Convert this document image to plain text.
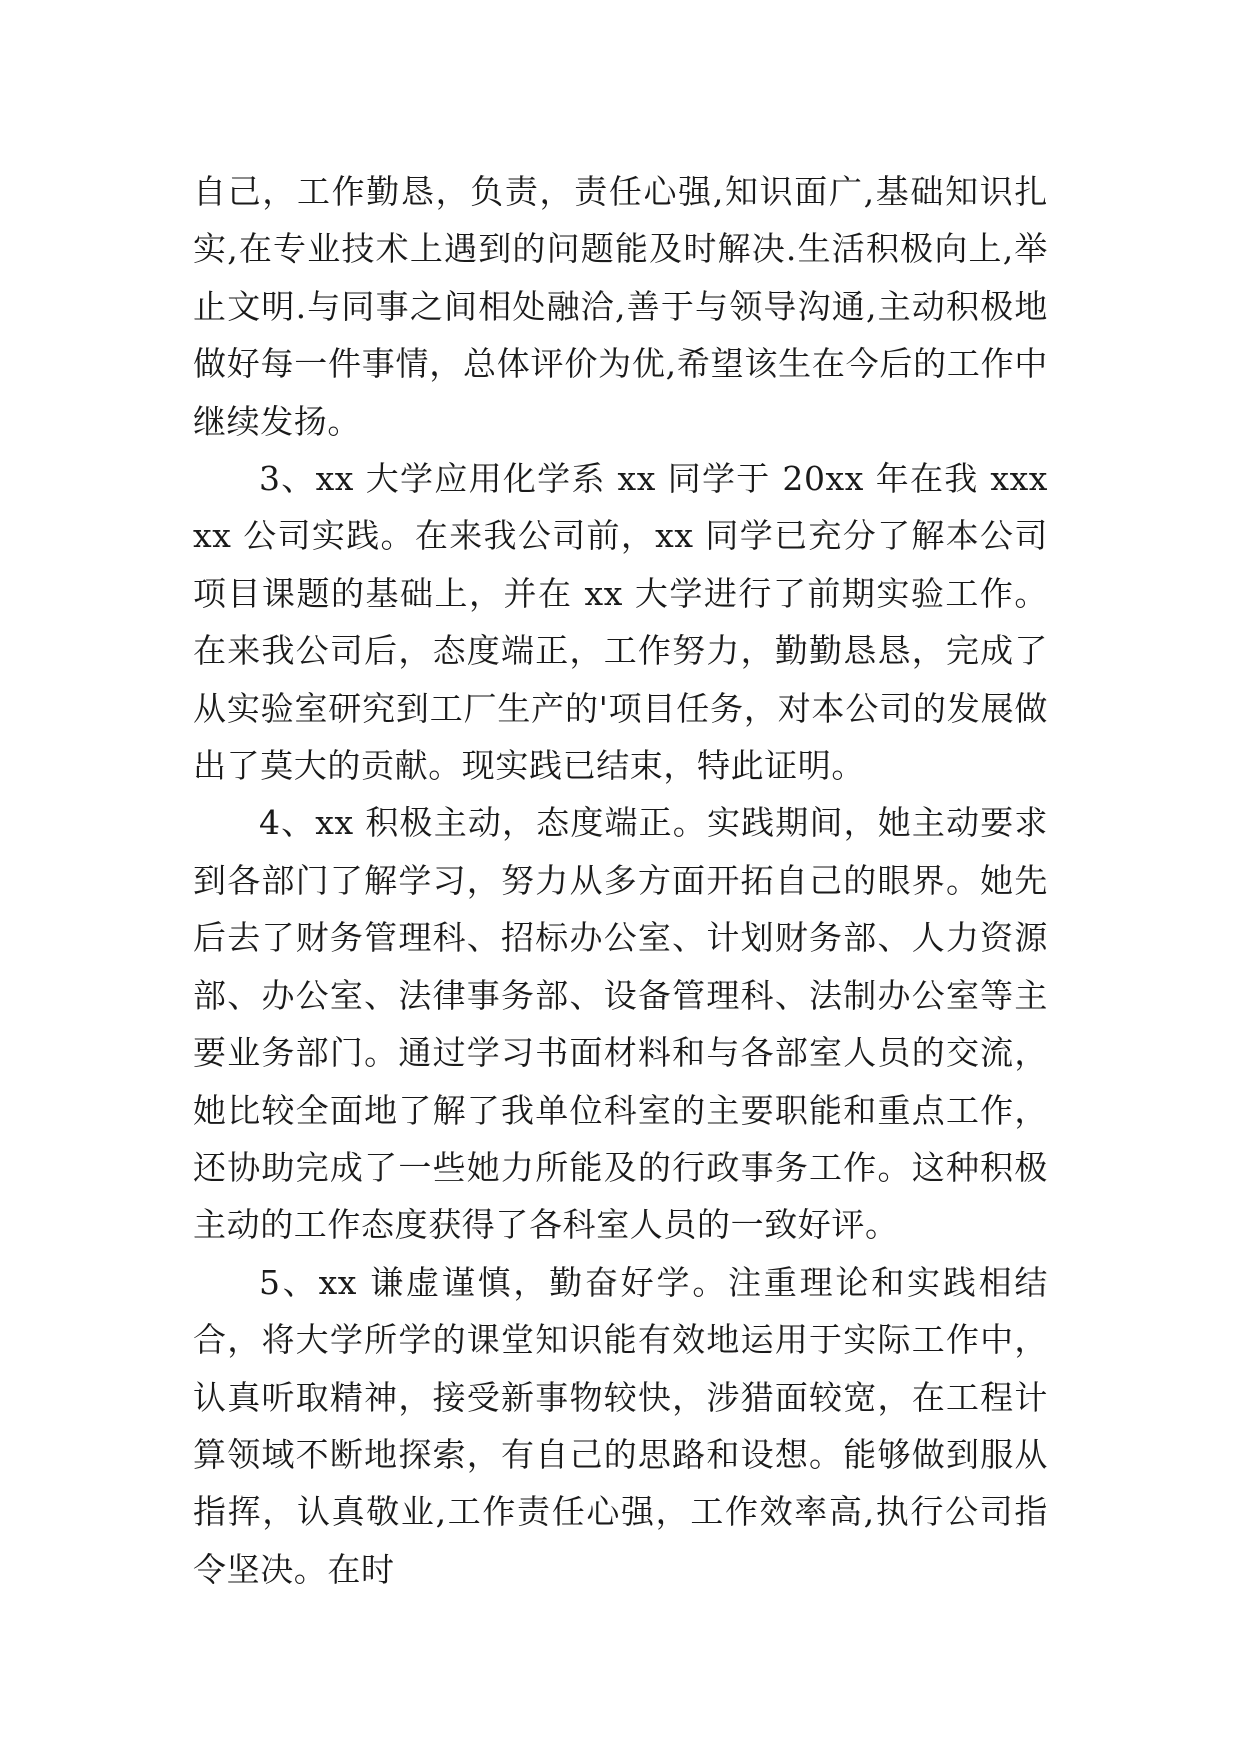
自己，工作勤恳，负责，责任心强,知识面广,基础知识扎实,在专业技术上遇到的问题能及时解决.生活积极向上,举止文明.与同事之间相处融洽,善于与领导沟通,主动积极地做好每一件事情，总体评价为优,希望该生在今后的工作中继续发扬。

3、xx 大学应用化学系 xx 同学于 20xx 年在我 xxxxx 公司实践。在来我公司前，xx 同学已充分了解本公司项目课题的基础上，并在 xx 大学进行了前期实验工作。在来我公司后，态度端正，工作努力，勤勤恳恳，完成了从实验室研究到工厂生产的'项目任务，对本公司的发展做出了莫大的贡献。现实践已结束，特此证明。

4、xx 积极主动，态度端正。实践期间，她主动要求到各部门了解学习，努力从多方面开拓自己的眼界。她先后去了财务管理科、招标办公室、计划财务部、人力资源部、办公室、法律事务部、设备管理科、法制办公室等主要业务部门。通过学习书面材料和与各部室人员的交流，她比较全面地了解了我单位科室的主要职能和重点工作，还协助完成了一些她力所能及的行政事务工作。这种积极主动的工作态度获得了各科室人员的一致好评。

5、xx 谦虚谨慎，勤奋好学。注重理论和实践相结合，将大学所学的课堂知识能有效地运用于实际工作中，认真听取精神，接受新事物较快，涉猎面较宽，在工程计算领域不断地探索，有自己的思路和设想。能够做到服从指挥，认真敬业,工作责任心强，工作效率高,执行公司指令坚决。在时
